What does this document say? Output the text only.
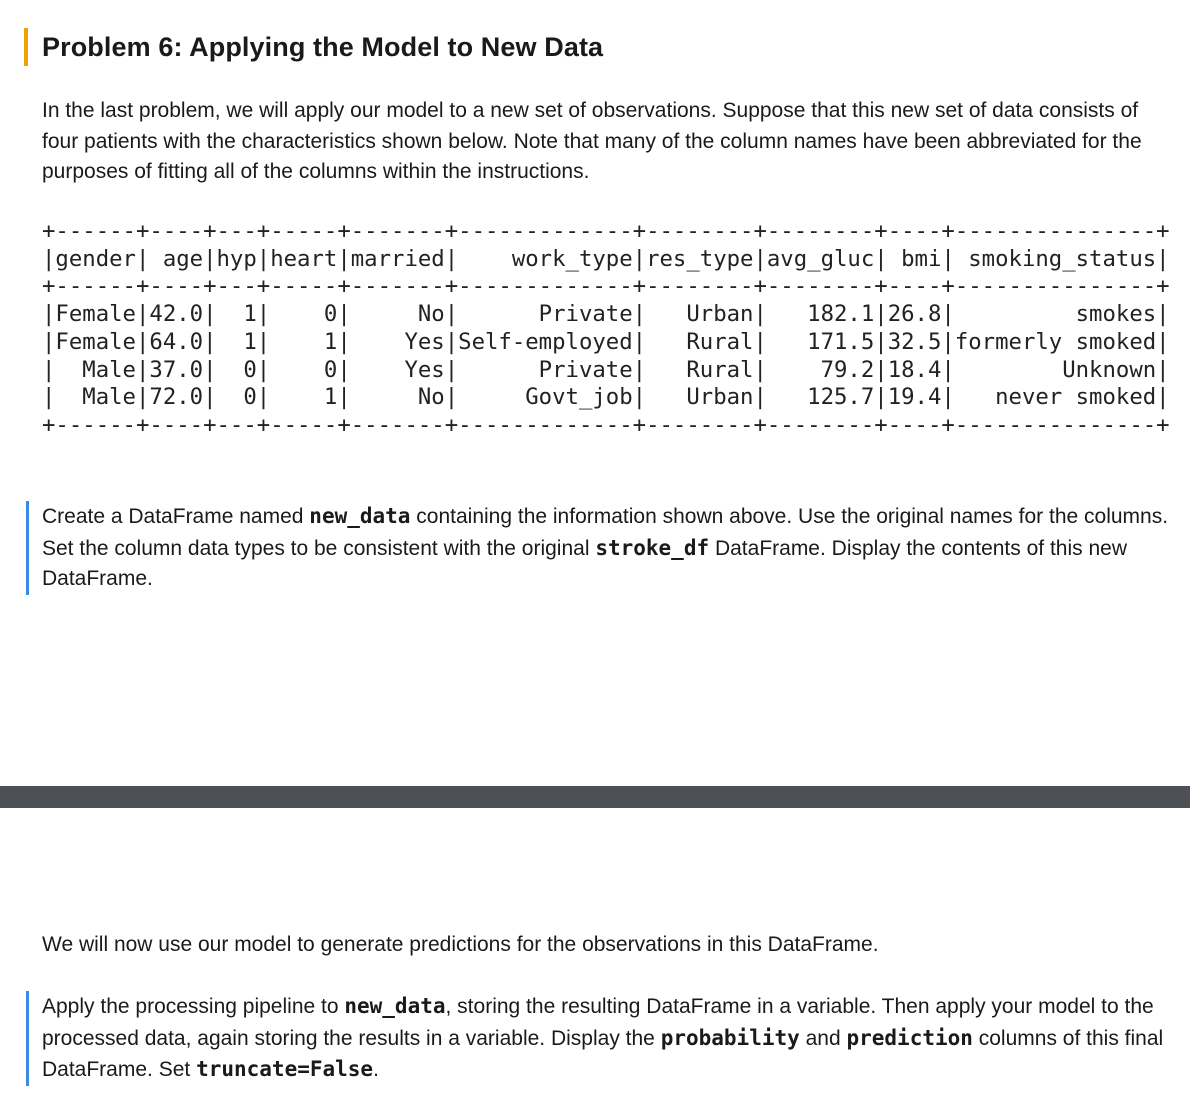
Problem 6: Applying the Model to New Data

In the last problem, we will apply our model to a new set of observations. Suppose that this new set of data consists of four patients with the characteristics shown below. Note that many of the column names have been abbreviated for the purposes of fitting all of the columns within the instructions.

+------+----+---+-----+-------+-------------+--------+--------+----+---------------+
|gender| age|hyp|heart|married|    work_type|res_type|avg_gluc| bmi| smoking_status|
+------+----+---+-----+-------+-------------+--------+--------+----+---------------+
|Female|42.0|  1|    0|     No|      Private|   Urban|   182.1|26.8|         smokes|
|Female|64.0|  1|    1|    Yes|Self-employed|   Rural|   171.5|32.5|formerly smoked|
|  Male|37.0|  0|    0|    Yes|      Private|   Rural|    79.2|18.4|        Unknown|
|  Male|72.0|  0|    1|     No|     Govt_job|   Urban|   125.7|19.4|   never smoked|
+------+----+---+-----+-------+-------------+--------+--------+----+---------------+

Create a DataFrame named new_data containing the information shown above. Use the original names for the columns. Set the column data types to be consistent with the original stroke_df DataFrame. Display the contents of this new DataFrame.

We will now use our model to generate predictions for the observations in this DataFrame.

Apply the processing pipeline to new_data, storing the resulting DataFrame in a variable. Then apply your model to the processed data, again storing the results in a variable. Display the probability and prediction columns of this final DataFrame. Set truncate=False.
